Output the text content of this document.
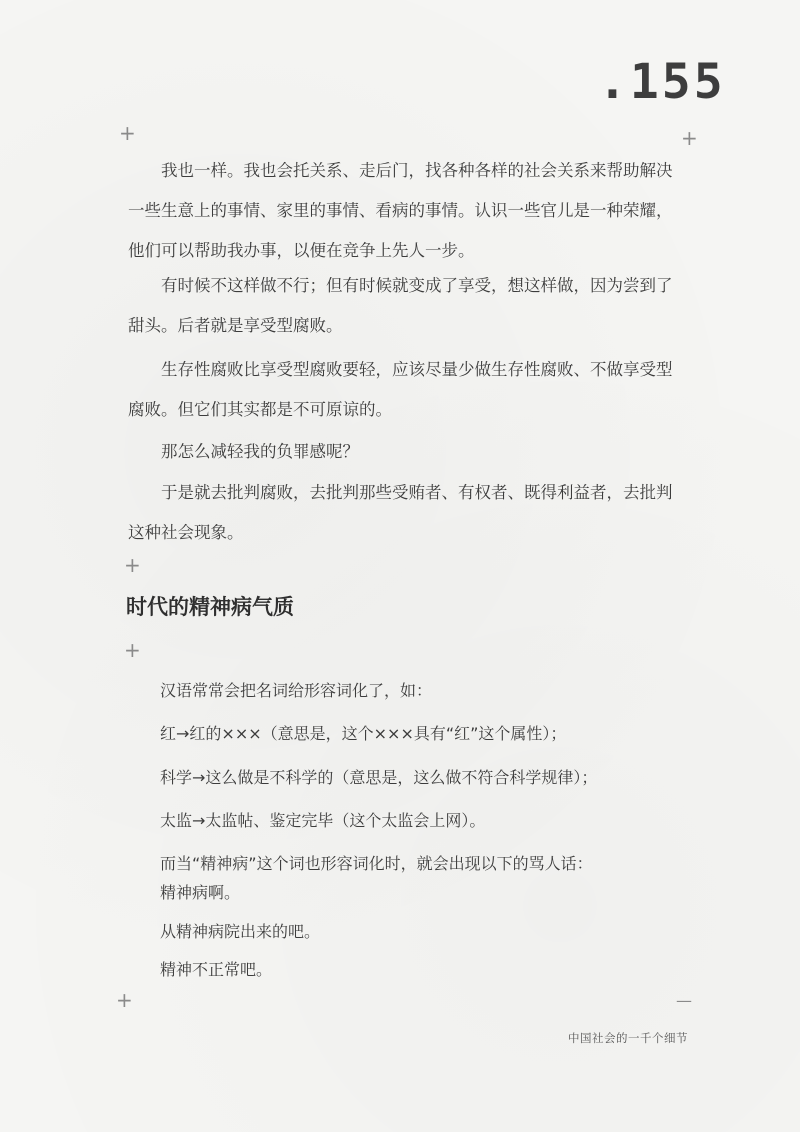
.155
+	+

我也一样。我也会托关系、走后门，找各种各样的社会关系来帮助解决一些生意上的事情、家里的事情、看病的事情。认识一些官儿是一种荣耀，他们可以帮助我办事，以便在竞争上先人一步。

有时候不这样做不行；但有时候就变成了享受，想这样做，因为尝到了甜头。后者就是享受型腐败。

生存性腐败比享受型腐败要轻，应该尽量少做生存性腐败、不做享受型腐败。但它们其实都是不可原谅的。

那怎么减轻我的负罪感呢？

于是就去批判腐败，去批判那些受贿者、有权者、既得利益者，去批判这种社会现象。

+
时代的精神病气质
+

汉语常常会把名词给形容词化了，如：

红→红的×××（意思是，这个×××具有“红”这个属性）；

科学→这么做是不科学的（意思是，这么做不符合科学规律）；

太监→太监帖、鉴定完毕（这个太监会上网）。

而当“精神病”这个词也形容词化时，就会出现以下的骂人话：

精神病啊。

从精神病院出来的吧。

精神不正常吧。

+	—
中国社会的一千个细节
